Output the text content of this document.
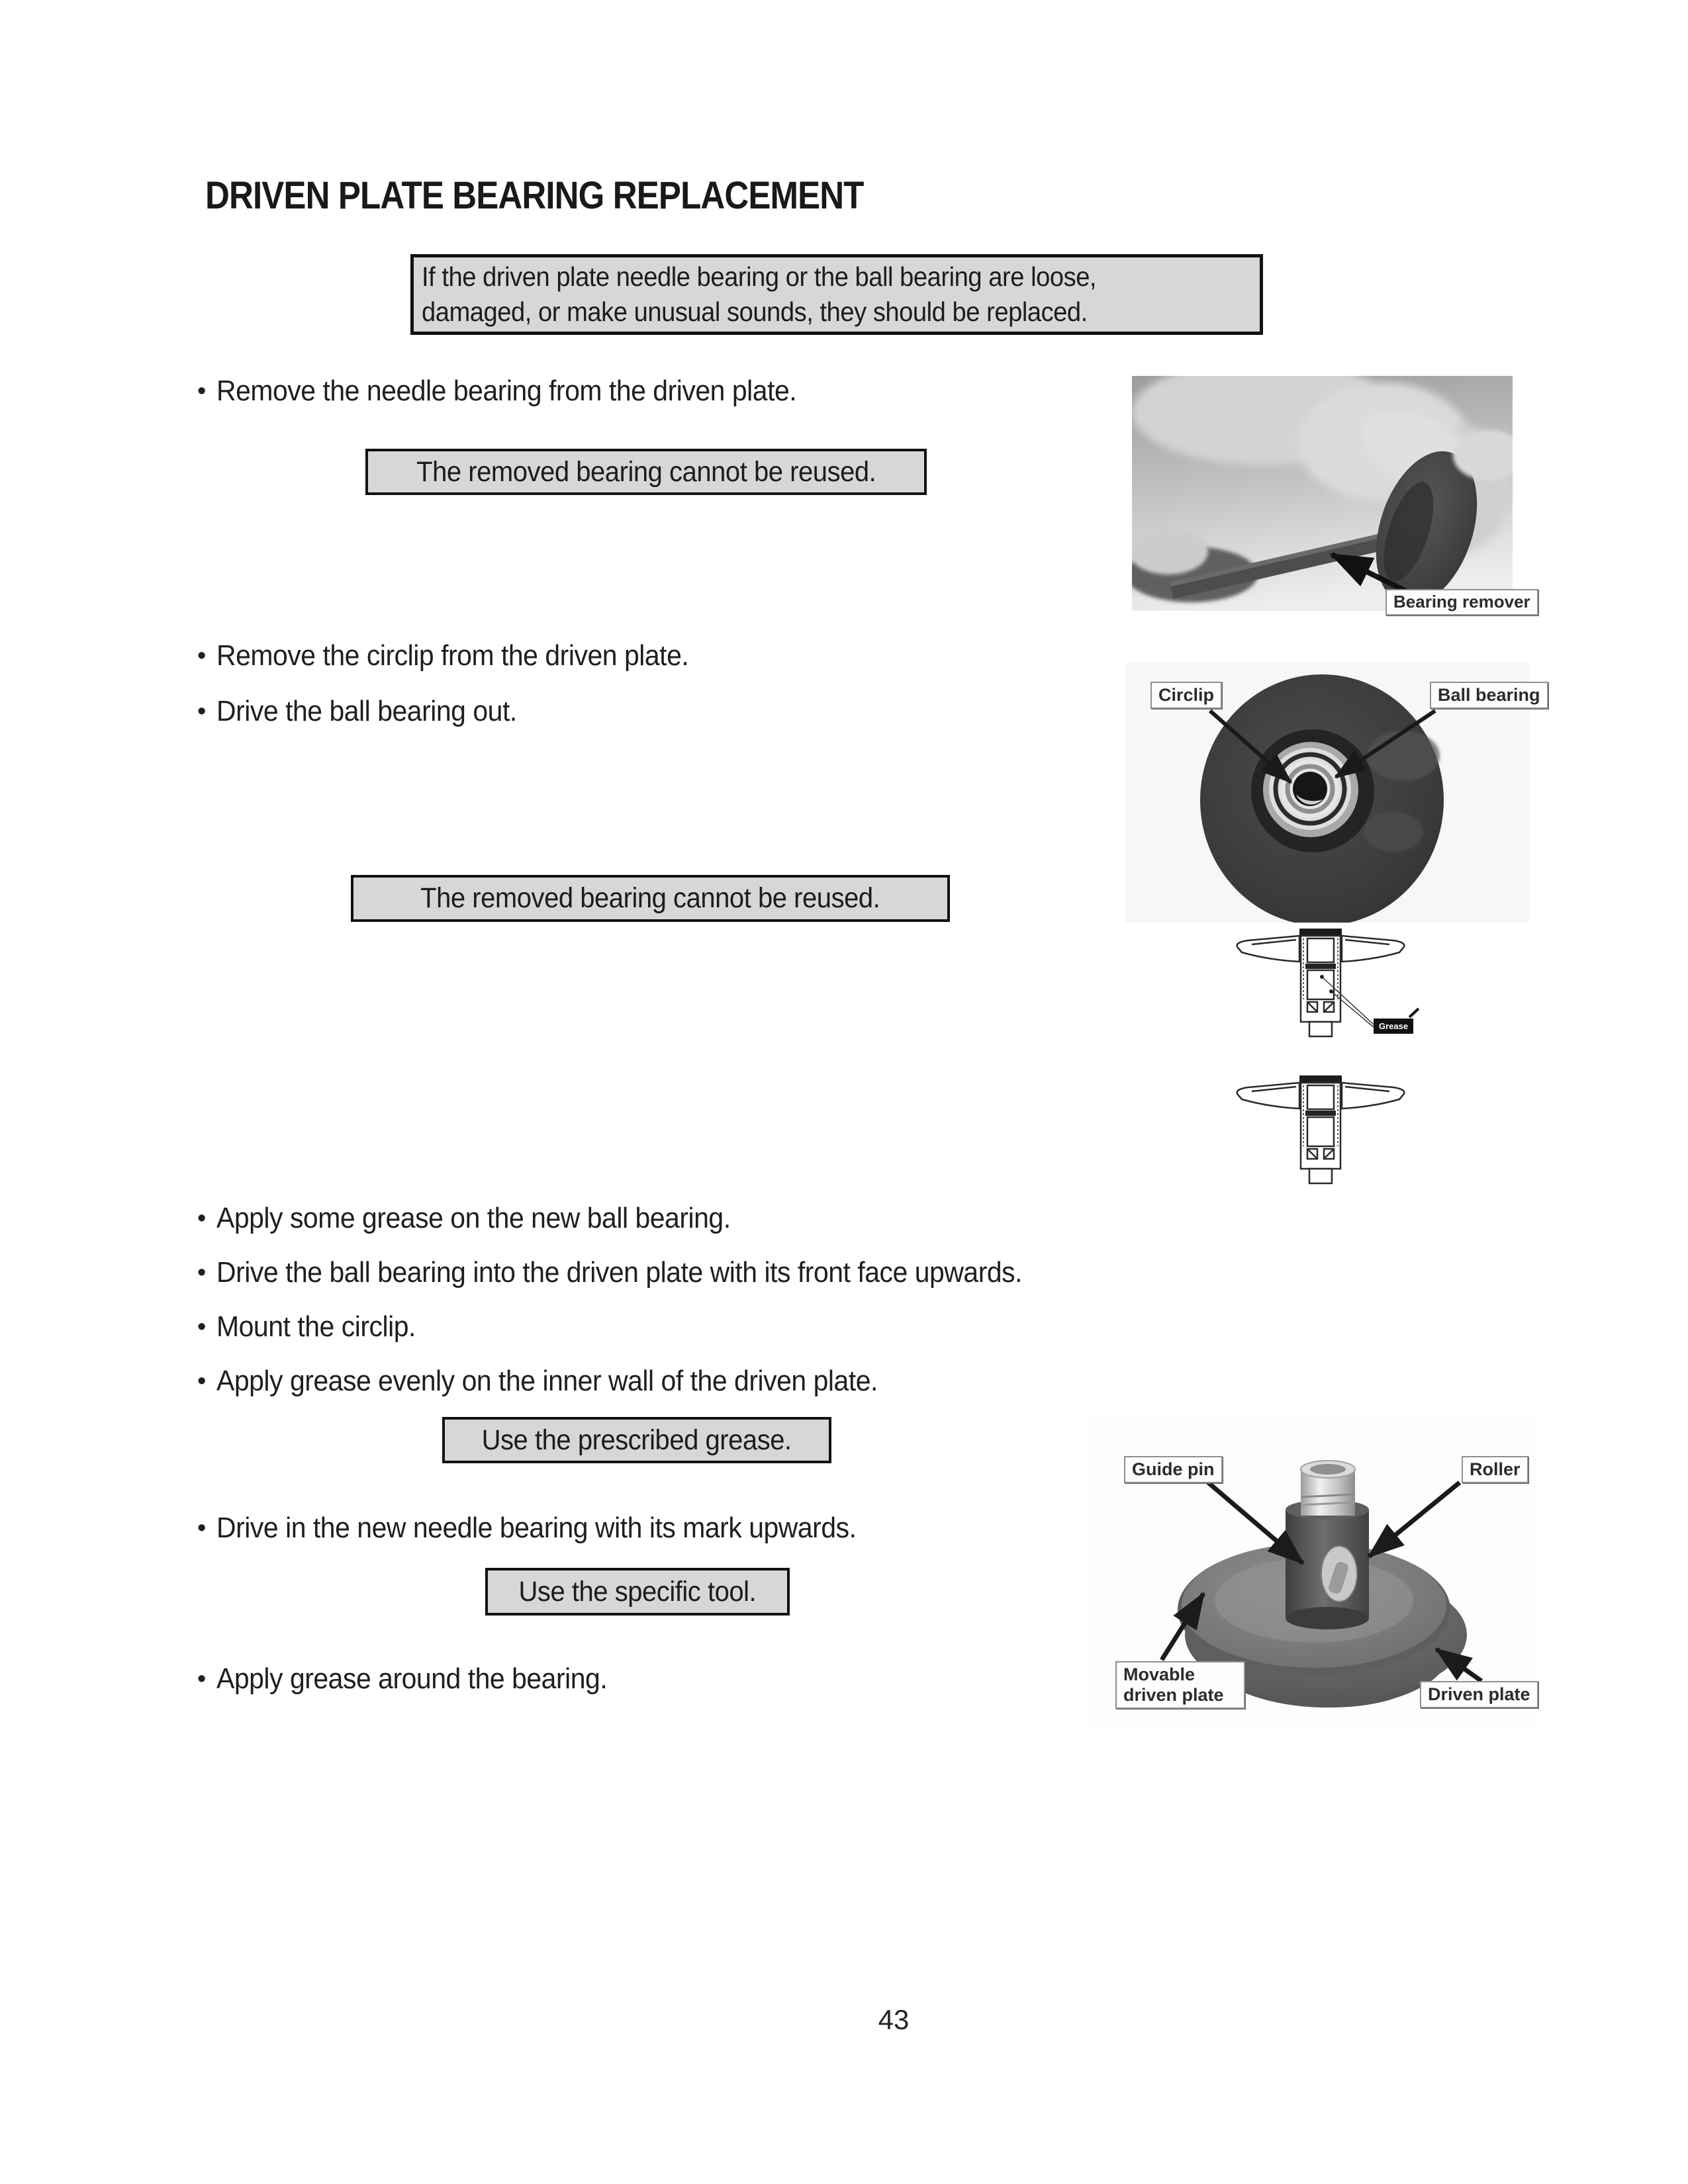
DRIVEN PLATE BEARING REPLACEMENT
If the driven plate needle bearing or the ball bearing are loose,
damaged, or make unusual sounds, they should be replaced.
• Remove the needle bearing from the driven plate.
• Remove the circlip from the driven plate.
• Drive the ball bearing out.
• Apply some grease on the new ball bearing.
• Drive the ball bearing into the driven plate with its front face upwards.
• Mount the circlip.
• Apply grease evenly on the inner wall of the driven plate.
• Drive in the new needle bearing with its mark upwards.
• Apply grease around the bearing.
The removed bearing cannot be reused.
The removed bearing cannot be reused.
Use the prescribed grease.
Use the specific tool.
Bearing remover
Circlip	Ball bearing
Grease
Guide pin	Roller
Movable driven plate	Driven plate
43
